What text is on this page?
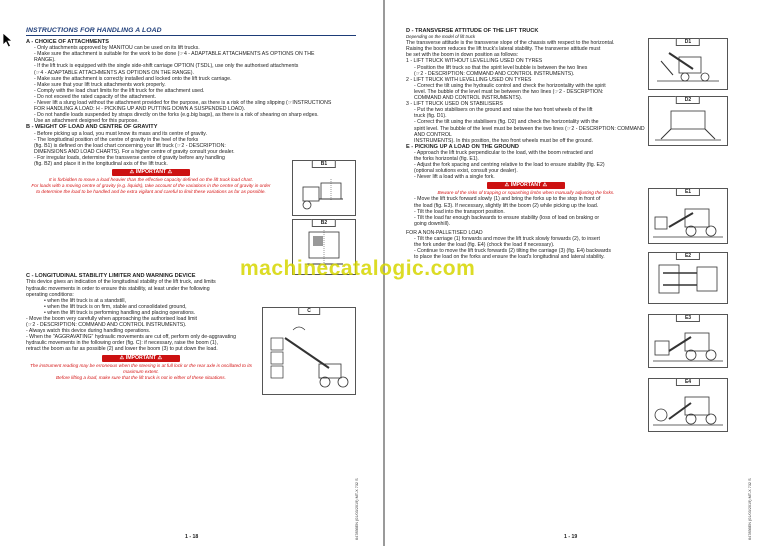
INSTRUCTIONS FOR HANDLING A LOAD

A - CHOICE OF ATTACHMENTS

- Only attachments approved by MANITOU can be used on its lift trucks.

- Make sure the attachment is suitable for the work to be done (☞4 - ADAPTABLE ATTACHMENTS AS OPTIONS ON THE

RANGE).

- If the lift truck is equipped with the single side-shift carriage OPTION (TSDL), use only the authorised attachments

(☞4 - ADAPTABLE ATTACHMENTS AS OPTIONS ON THE RANGE).

- Make sure the attachment is correctly installed and locked onto the lift truck carriage.

- Make sure that your lift truck attachments work properly.

- Comply with the load chart limits for the lift truck for the attachment used.

- Do not exceed the rated capacity of the attachment.

- Never lift a slung load without the attachment provided for the purpose, as there is a risk of the sling slipping (☞INSTRUCTIONS

FOR HANDLING A LOAD: H - PICKING UP AND PUTTING DOWN A SUSPENDED LOAD).

- Do not handle loads suspended by straps directly on the forks (e.g.big bags), as there is a risk of shearing on sharp edges.

Use an attachment designed for this purpose.

B - WEIGHT OF LOAD AND CENTRE OF GRAVITY

- Before picking up a load, you must know its mass and its centre of gravity.

- The longitudinal position of the centre of gravity in the heel of the forks

(fig. B1) is defined on the load chart concerning your lift truck (☞2 - DESCRIPTION:

DIMENSIONS AND LOAD CHARTS). For a higher centre of gravity consult your dealer.

- For irregular loads, determine the transverse centre of gravity before any handling

(fig. B2) and place it in the longitudinal axis of the lift truck.

⚠ IMPORTANT ⚠

It is forbidden to move a load heavier than the effective capacity defined on the lift truck load chart.

For loads with a moving centre of gravity (e.g. liquids), take account of the variations in the centre of gravity in order

to determine the load to be handled and be extra vigilant and careful to limit these variations as far as possible.

C - LONGITUDINAL STABILITY LIMITER AND WARNING DEVICE

This device gives an indication of the longitudinal stability of the lift truck, and limits

hydraulic movements in order to ensure this stability, at least under the following

operating conditions:

• when the lift truck is at a standstill,

• when the lift truck is on firm, stable and consolidated ground,

• when the lift truck is performing handling and placing operations.

- Move the boom very carefully when approaching the authorised load limit

(☞2 - DESCRIPTION: COMMAND AND CONTROL INSTRUMENTS).

- Always watch this device during handling operations.

- When the "AGGRAVATING" hydraulic movements are cut off, perform only de-aggravating

hydraulic movements in the following order (fig. C): if necessary, raise the boom (1),

retract the boom as far as possible (2) and lower the boom (3) to put down the load.

⚠ IMPORTANT ⚠

The instrument reading may be erroneous when the steering is at full lock or the rear axle is oscillated to its maximum extent.

Before lifting a load, make sure that the lift truck is not in either of these situations.

B1
B2
C
1 - 18	647856EN (01/03/2019) MT-X 732 S

D - TRANSVERSE ATTITUDE OF THE LIFT TRUCK

Depending on the model of lift truck

The transverse attitude is the transverse slope of the chassis with respect to the horizontal.

Raising the boom reduces the lift truck's lateral stability. The transverse attitude must

be set with the boom in down position as follows:

1 - LIFT TRUCK WITHOUT LEVELLING USED ON TYRES

- Position the lift truck so that the spirit level bubble is between the two lines

(☞2 - DESCRIPTION: COMMAND AND CONTROL INSTRUMENTS).

2 - LIFT TRUCK WITH LEVELLING USED ON TYRES

- Correct the tilt using the hydraulic control and check the horizontality with the spirit

level. The bubble of the level must be between the two lines (☞2 - DESCRIPTION:

COMMAND AND CONTROL INSTRUMENTS).

3 - LIFT TRUCK USED ON STABILISERS

- Put the two stabilisers on the ground and raise the two front wheels of the lift

truck (fig. D1).

- Correct the tilt using the stabilisers (fig. D2) and check the horizontality with the

spirit level. The bubble of the level must be between the two lines (☞2 - DESCRIPTION: COMMAND AND CONTROL

INSTRUMENTS). In this position, the two front wheels must be off the ground.

E - PICKING UP A LOAD ON THE GROUND

- Approach the lift truck perpendicular to the load, with the boom retracted and

the forks horizontal (fig. E1).

- Adjust the fork spacing and centring relative to the load to ensure stability (fig. E2)

(optional solutions exist, consult your dealer).

- Never lift a load with a single fork.

⚠ IMPORTANT ⚠

Beware of the risks of trapping or squashing limbs when manually adjusting the forks.

- Move the lift truck forward slowly (1) and bring the forks up to the stop in front of

the load (fig. E3). If necessary, slightly lift the boom (2) while picking up the load.

- Tilt the load into the transport position.

- Tilt the load far enough backwards to ensure stability (loss of load on braking or

going downhill).

FOR A NON-PALLETISED LOAD

- Tilt the carriage (1) forwards and move the lift truck slowly forwards (2), to insert

the fork under the load (fig. E4) (chock the load if necessary).

- Continue to move the lift truck forwards (2) tilting the carriage (3) (fig. E4) backwards

to place the load on the forks and ensure the load's longitudinal and lateral stability.

D1
D2
E1
E2
E3
E4
1 - 19	647856EN (01/03/2019) MT-X 732 S
machinecatalogic.com
